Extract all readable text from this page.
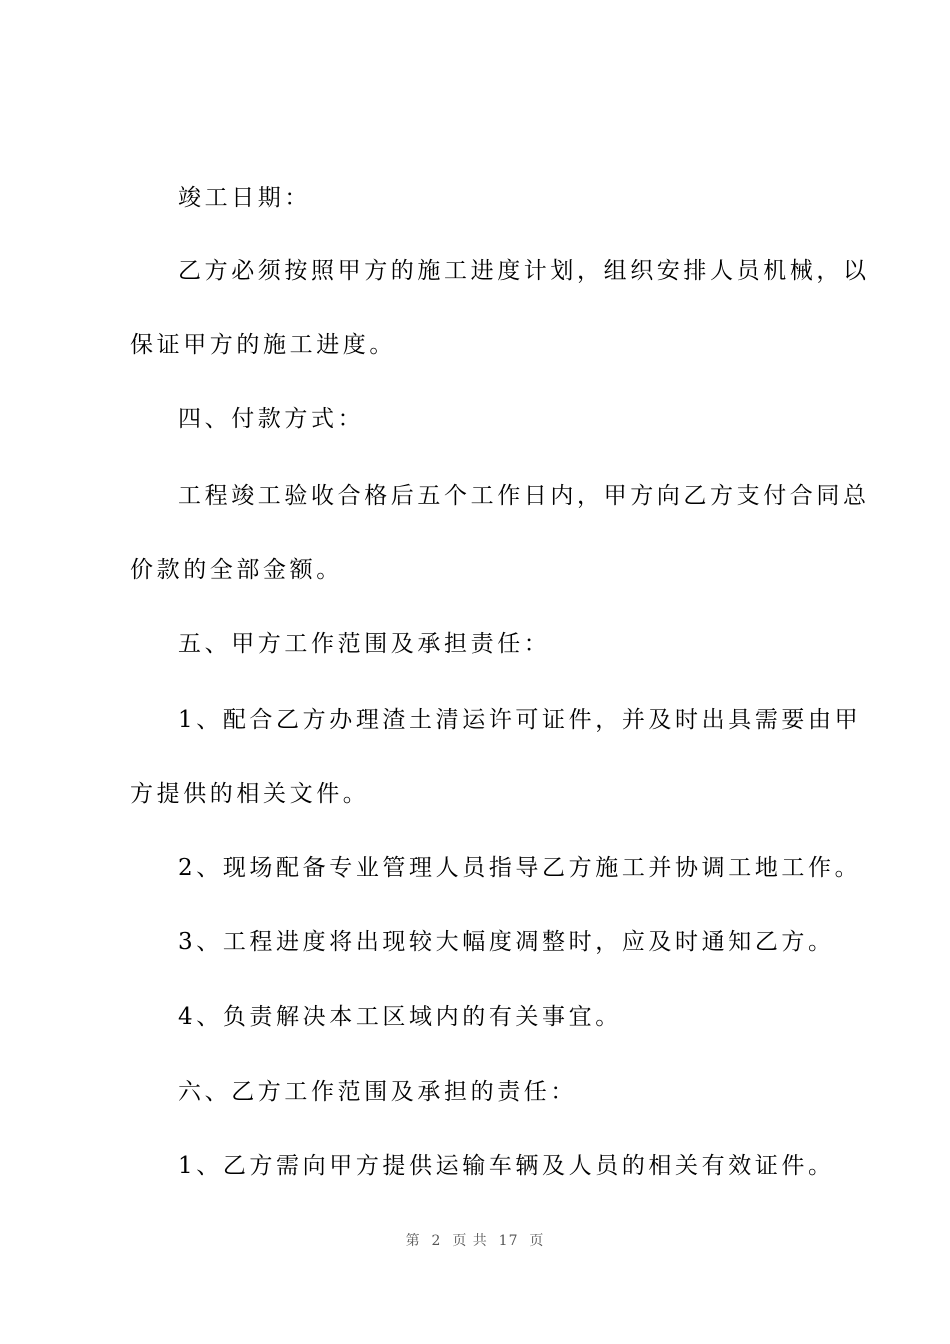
竣工日期：
乙方必须按照甲方的施工进度计划，组织安排人员机械，以
保证甲方的施工进度。
四、付款方式：
工程竣工验收合格后五个工作日内，甲方向乙方支付合同总
价款的全部金额。
五、甲方工作范围及承担责任：
1、配合乙方办理渣土清运许可证件，并及时出具需要由甲
方提供的相关文件。
2、现场配备专业管理人员指导乙方施工并协调工地工作。
3、工程进度将出现较大幅度凋整时，应及时通知乙方。
4、负责解决本工区域内的有关事宜。
六、乙方工作范围及承担的责任：
1、乙方需向甲方提供运输车辆及人员的相关有效证件。
第  2  页 共  17  页
